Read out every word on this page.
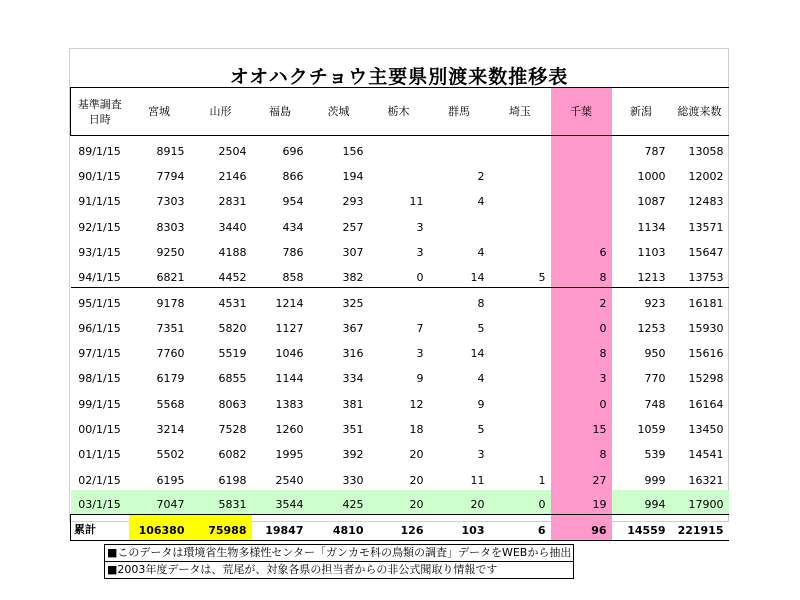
オオハクチョウ主要県別渡来数推移表
基準調査
日時	宮城	山形	福島	茨城	栃木	群馬	埼玉	千葉	新潟	総渡来数
89/1/15	8915	2504	696	156					787	13058
90/1/15	7794	2146	866	194		2			1000	12002
91/1/15	7303	2831	954	293	11	4			1087	12483
92/1/15	8303	3440	434	257	3				1134	13571
93/1/15	9250	4188	786	307	3	4		6	1103	15647
94/1/15	6821	4452	858	382	0	14	5	8	1213	13753
95/1/15	9178	4531	1214	325		8		2	923	16181
96/1/15	7351	5820	1127	367	7	5		0	1253	15930
97/1/15	7760	5519	1046	316	3	14		8	950	15616
98/1/15	6179	6855	1144	334	9	4		3	770	15298
99/1/15	5568	8063	1383	381	12	9		0	748	16164
00/1/15	3214	7528	1260	351	18	5		15	1059	13450
01/1/15	5502	6082	1995	392	20	3		8	539	14541
02/1/15	6195	6198	2540	330	20	11	1	27	999	16321
03/1/15	7047	5831	3544	425	20	20	0	19	994	17900
累計	106380	75988	19847	4810	126	103	6	96	14559	221915
■このデータは環境省生物多様性センター「ガンカモ科の鳥類の調査」データをWEBから抽出
■2003年度データは、荒尾が、対象各県の担当者からの非公式聞取り情報です
